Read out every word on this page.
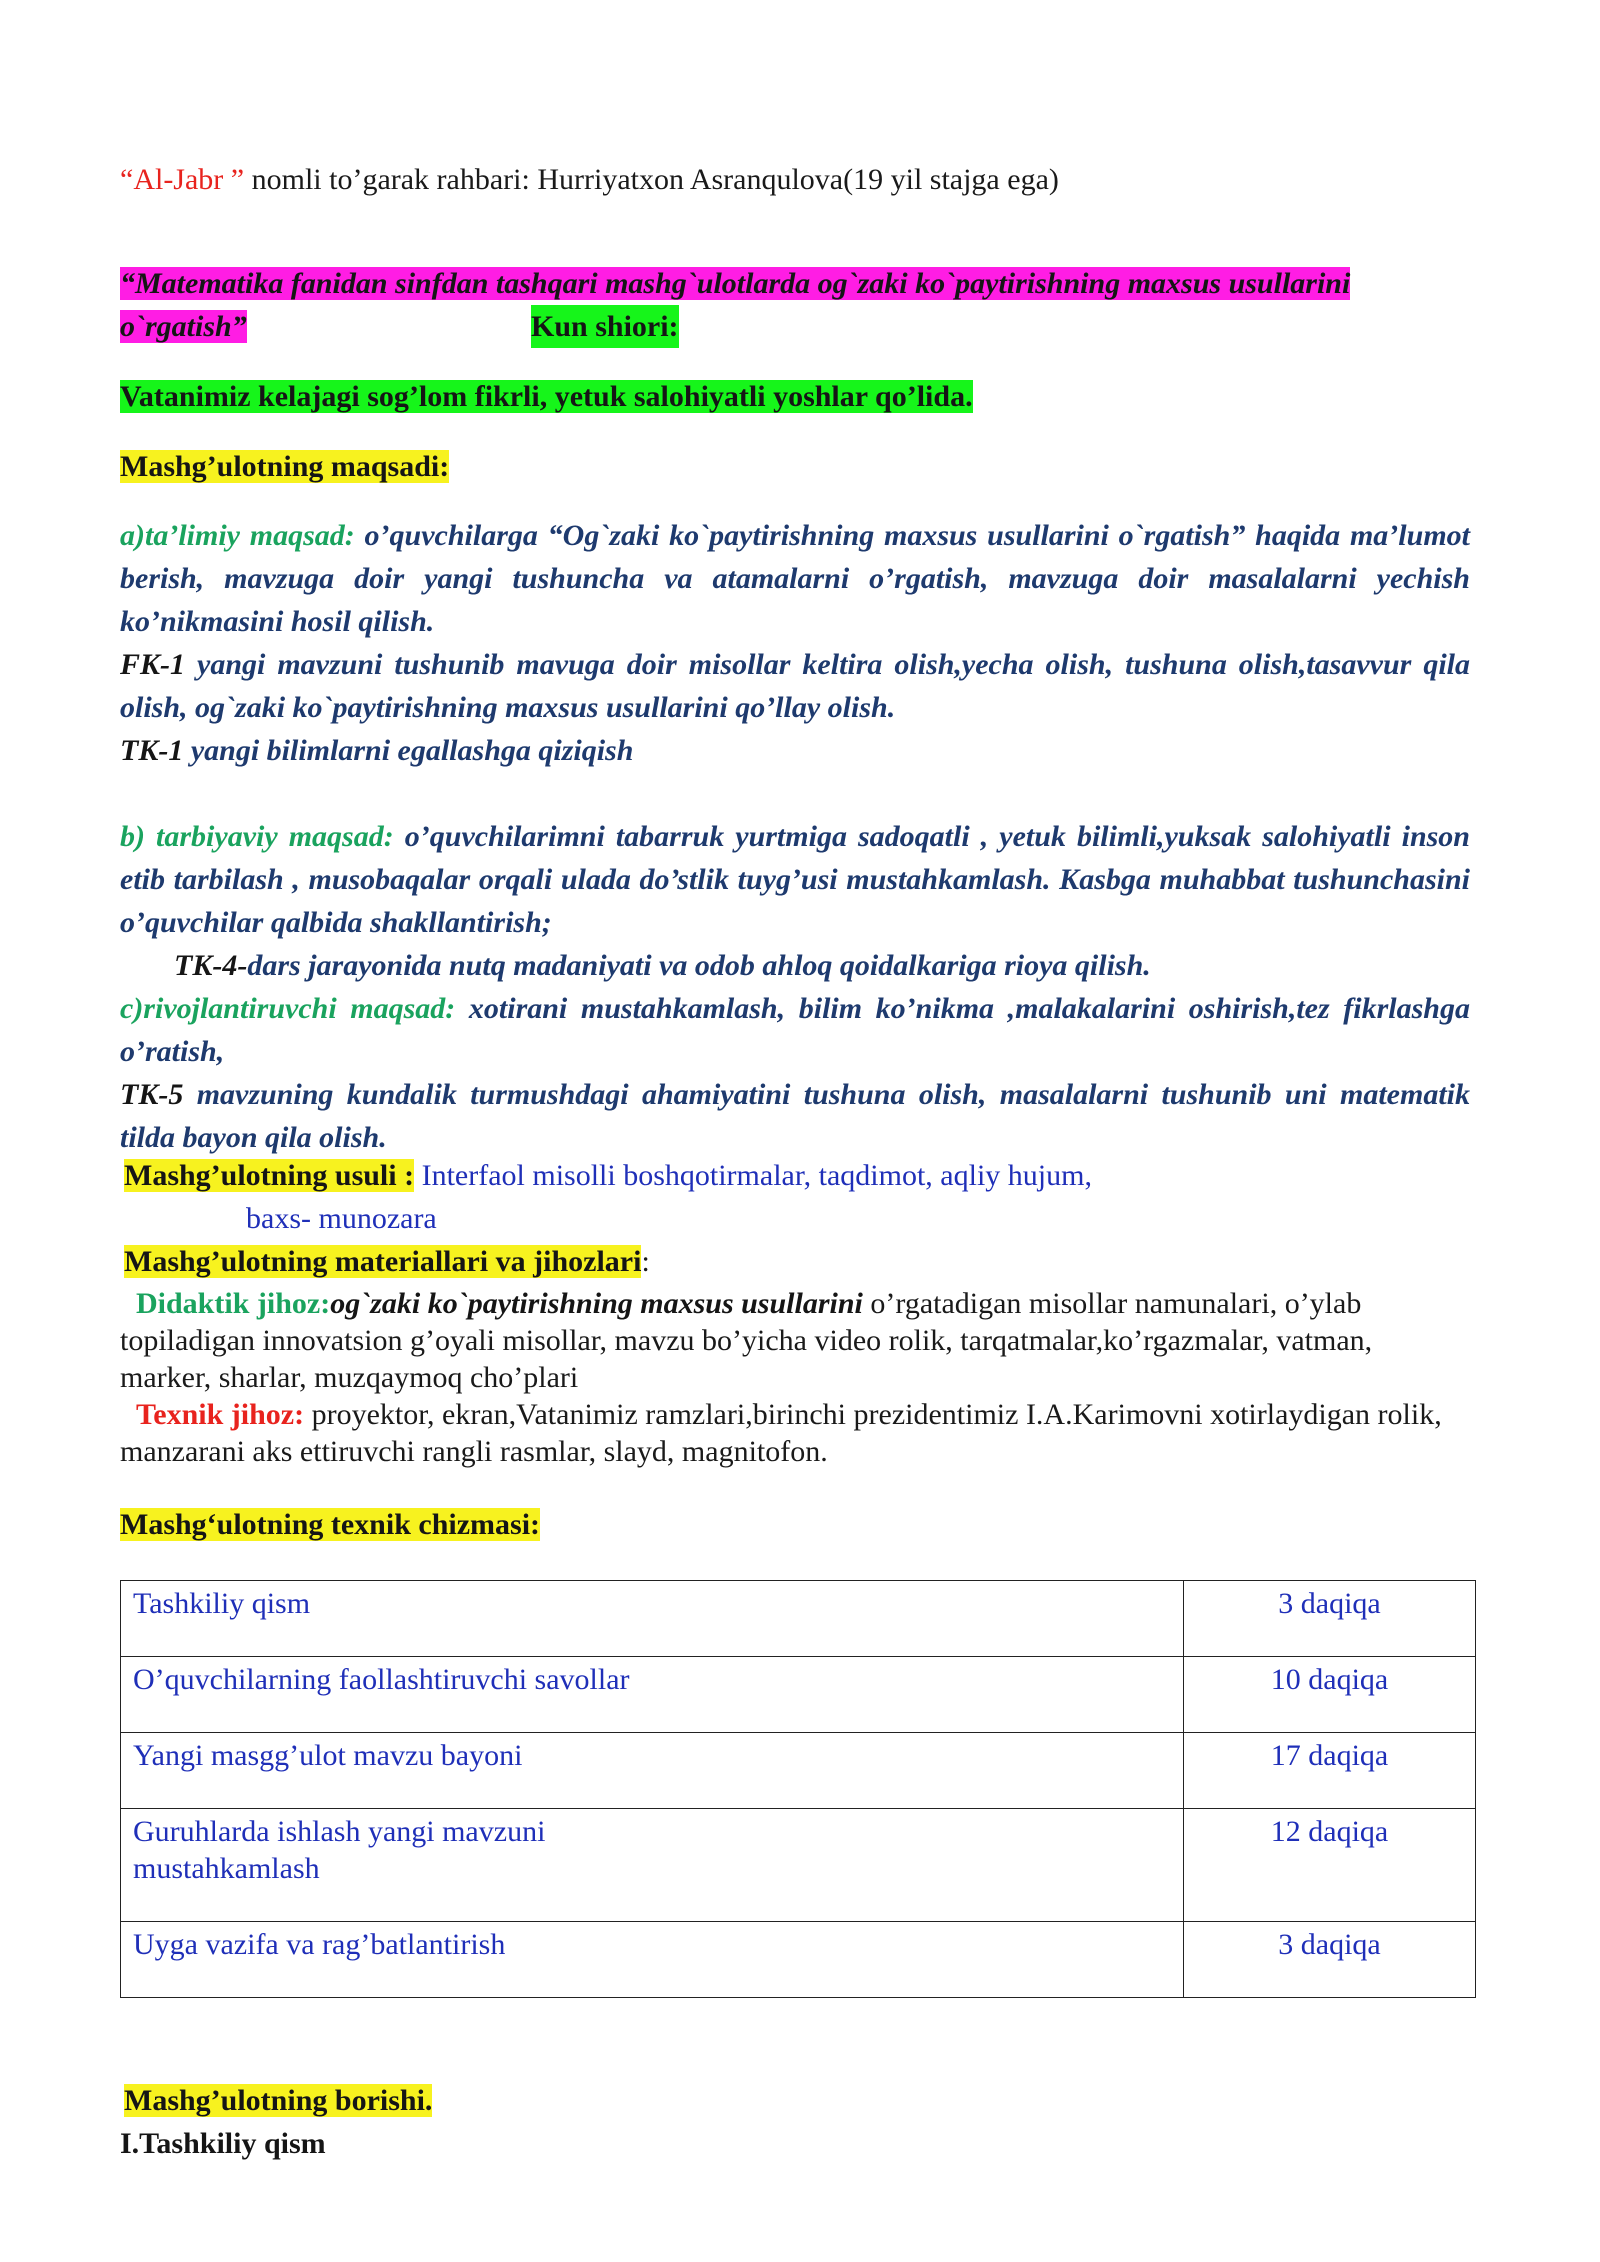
“Al-Jabr ” nomli to’garak rahbari: Hurriyatxon Asranqulova(19 yil stajga ega)
“Matematika fanidan sinfdan tashqari mashg`ulotlarda og`zaki ko`paytirishning maxsus usullarini
o`rgatish”	Kun shiori:
Vatanimiz kelajagi sog’lom fikrli, yetuk salohiyatli yoshlar qo’lida.
Mashg’ulotning maqsadi:
a)ta’limiy maqsad: o’quvchilarga “Og`zaki ko`paytirishning maxsus usullarini o`rgatish” haqida ma’lumot berish, mavzuga doir yangi tushuncha va atamalarni o’rgatish, mavzuga doir masalalarni yechish ko’nikmasini hosil qilish.
FK-1 yangi mavzuni tushunib mavuga doir misollar keltira olish,yecha olish, tushuna olish,tasavvur qila olish, og`zaki ko`paytirishning maxsus usullarini qo’llay olish.
TK-1 yangi bilimlarni egallashga qiziqish
b) tarbiyaviy maqsad: o’quvchilarimni tabarruk yurtmiga sadoqatli , yetuk bilimli,yuksak salohiyatli inson etib tarbilash , musobaqalar orqali ulada do’stlik tuyg’usi mustahkamlash. Kasbga muhabbat tushunchasini o’quvchilar qalbida shakllantirish;
TK-4-dars jarayonida nutq madaniyati va odob ahloq qoidalkariga rioya qilish.
c)rivojlantiruvchi maqsad: xotirani mustahkamlash, bilim ko’nikma ,malakalarini oshirish,tez fikrlashga o’ratish,
TK-5 mavzuning kundalik turmushdagi ahamiyatini tushuna olish, masalalarni tushunib uni matematik tilda bayon qila olish.
Mashg’ulotning usuli : Interfaol misolli boshqotirmalar, taqdimot, aqliy hujum,
baxs- munozara
Mashg’ulotning materiallari va jihozlari:
Didaktik jihoz:og`zaki ko`paytirishning maxsus usullarini o’rgatadigan misollar namunalari, o’ylab topiladigan innovatsion g’oyali misollar, mavzu bo’yicha video rolik, tarqatmalar,ko’rgazmalar, vatman, marker, sharlar, muzqaymoq cho’plari
Texnik jihoz: proyektor, ekran,Vatanimiz ramzlari,birinchi prezidentimiz I.A.Karimovni xotirlaydigan rolik, manzarani aks ettiruvchi rangli rasmlar, slayd, magnitofon.
Mashg‘ulotning texnik chizmasi:
Tashkiliy qism	3 daqiqa
O’quvchilarning faollashtiruvchi savollar	10 daqiqa
Yangi masgg’ulot mavzu bayoni	17 daqiqa

Guruhlarda ishlash yangi mavzuni mustahkamlash	12 daqiqa
Uyga vazifa va rag’batlantirish	3 daqiqa
Mashg’ulotning borishi.
I.Tashkiliy qism
